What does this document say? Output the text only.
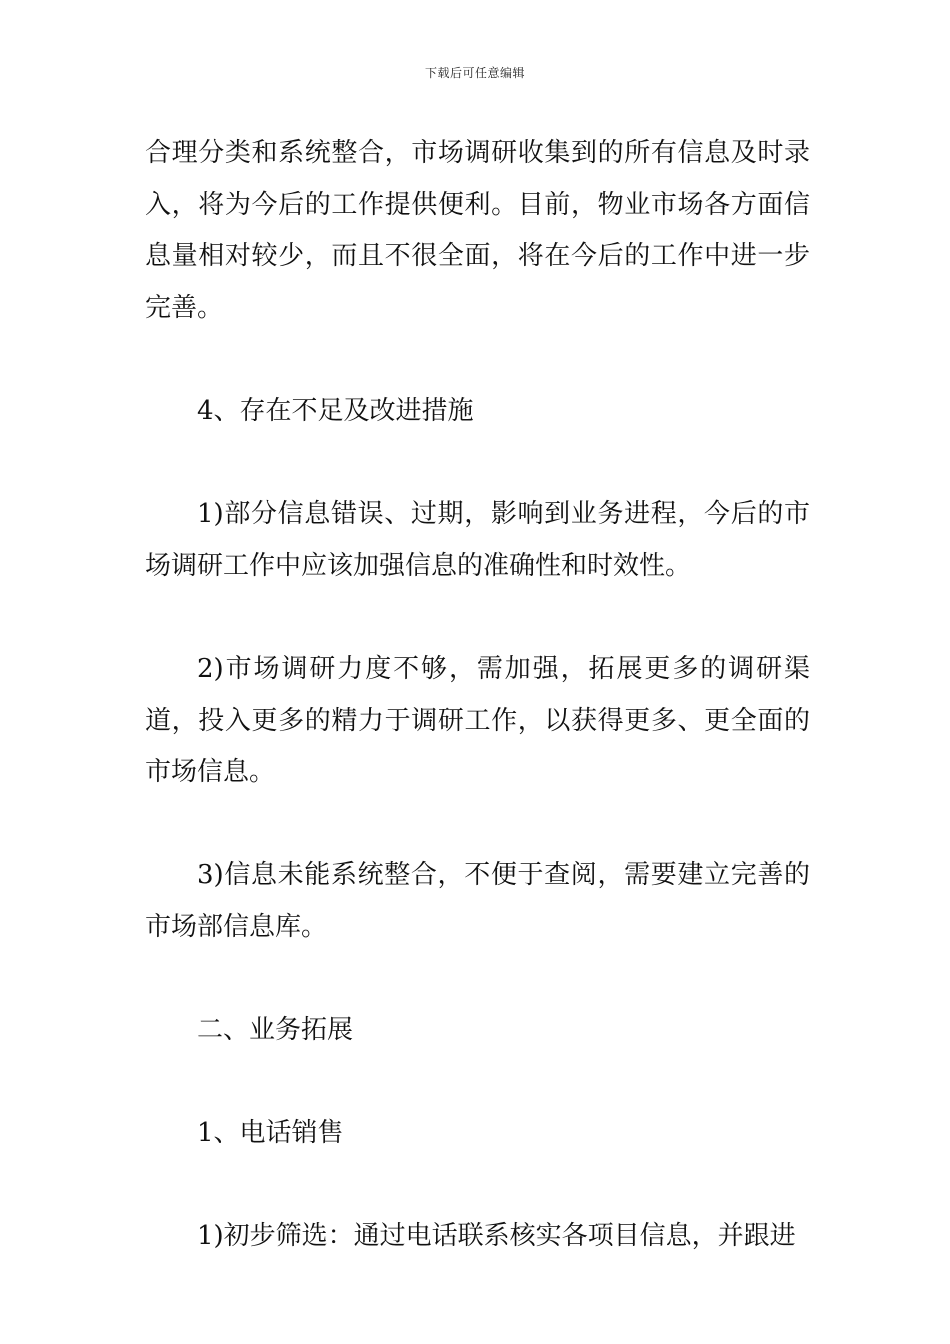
下载后可任意编辑

合理分类和系统整合，市场调研收集到的所有信息及时录入，将为今后的工作提供便利。目前，物业市场各方面信息量相对较少，而且不很全面，将在今后的工作中进一步完善。

4、存在不足及改进措施

1)部分信息错误、过期，影响到业务进程，今后的市场调研工作中应该加强信息的准确性和时效性。

2)市场调研力度不够，需加强，拓展更多的调研渠道，投入更多的精力于调研工作，以获得更多、更全面的市场信息。

3)信息未能系统整合，不便于查阅，需要建立完善的市场部信息库。

二、业务拓展

1、电话销售

1)初步筛选：通过电话联系核实各项目信息，并跟进
